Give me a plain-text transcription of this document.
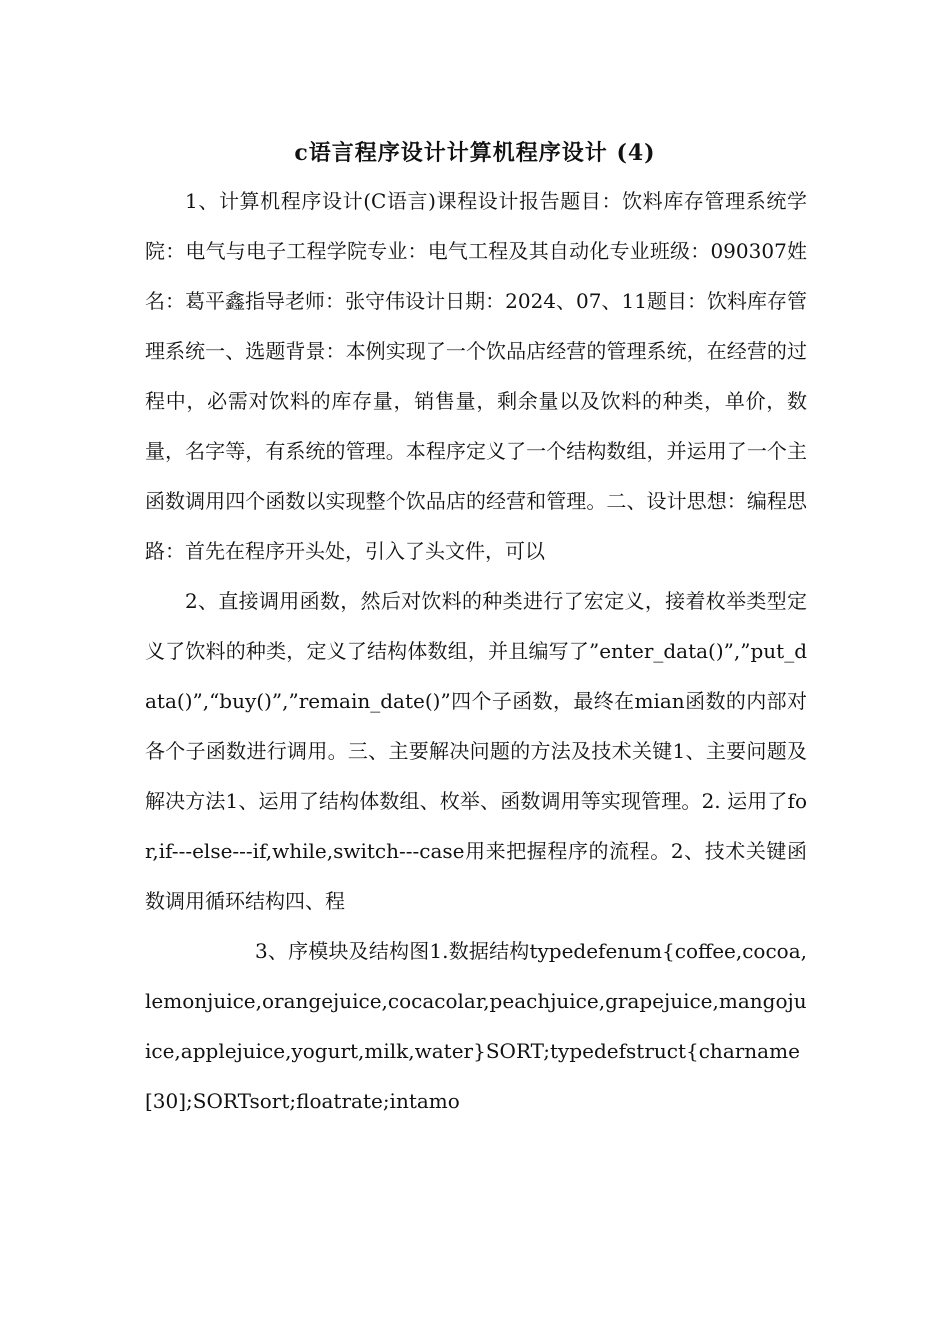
c语言程序设计计算机程序设计 (4)

1、计算机程序设计(C语言)课程设计报告题目：饮料库存管理系统学院：电气与电子工程学院专业：电气工程及其自动化专业班级：090307姓名：葛平鑫指导老师：张守伟设计日期：2024、07、11题目：饮料库存管理系统一、选题背景：本例实现了一个饮品店经营的管理系统，在经营的过程中，必需对饮料的库存量，销售量，剩余量以及饮料的种类，单价，数量，名字等，有系统的管理。本程序定义了一个结构数组，并运用了一个主函数调用四个函数以实现整个饮品店的经营和管理。二、设计思想：编程思路：首先在程序开头处，引入了头文件，可以

2、直接调用函数，然后对饮料的种类进行了宏定义，接着枚举类型定义了饮料的种类，定义了结构体数组，并且编写了”enter_data()”,”put_data()”,“buy()”,”remain_date()”四个子函数，最终在mian函数的内部对各个子函数进行调用。三、主要解决问题的方法及技术关键1、主要问题及解决方法1、运用了结构体数组、枚举、函数调用等实现管理。2. 运用了for,if---else---if,while,switch---case用来把握程序的流程。2、技术关键函数调用循环结构四、程

3、序模块及结构图1.数据结构typedefenum{coffee,cocoa,lemonjuice,orangejuice,cocacolar,peachjuice,grapejuice,mangojuice,applejuice,yogurt,milk,water}SORT;typedefstruct{charname[30];SORTsort;floatrate;intamo
